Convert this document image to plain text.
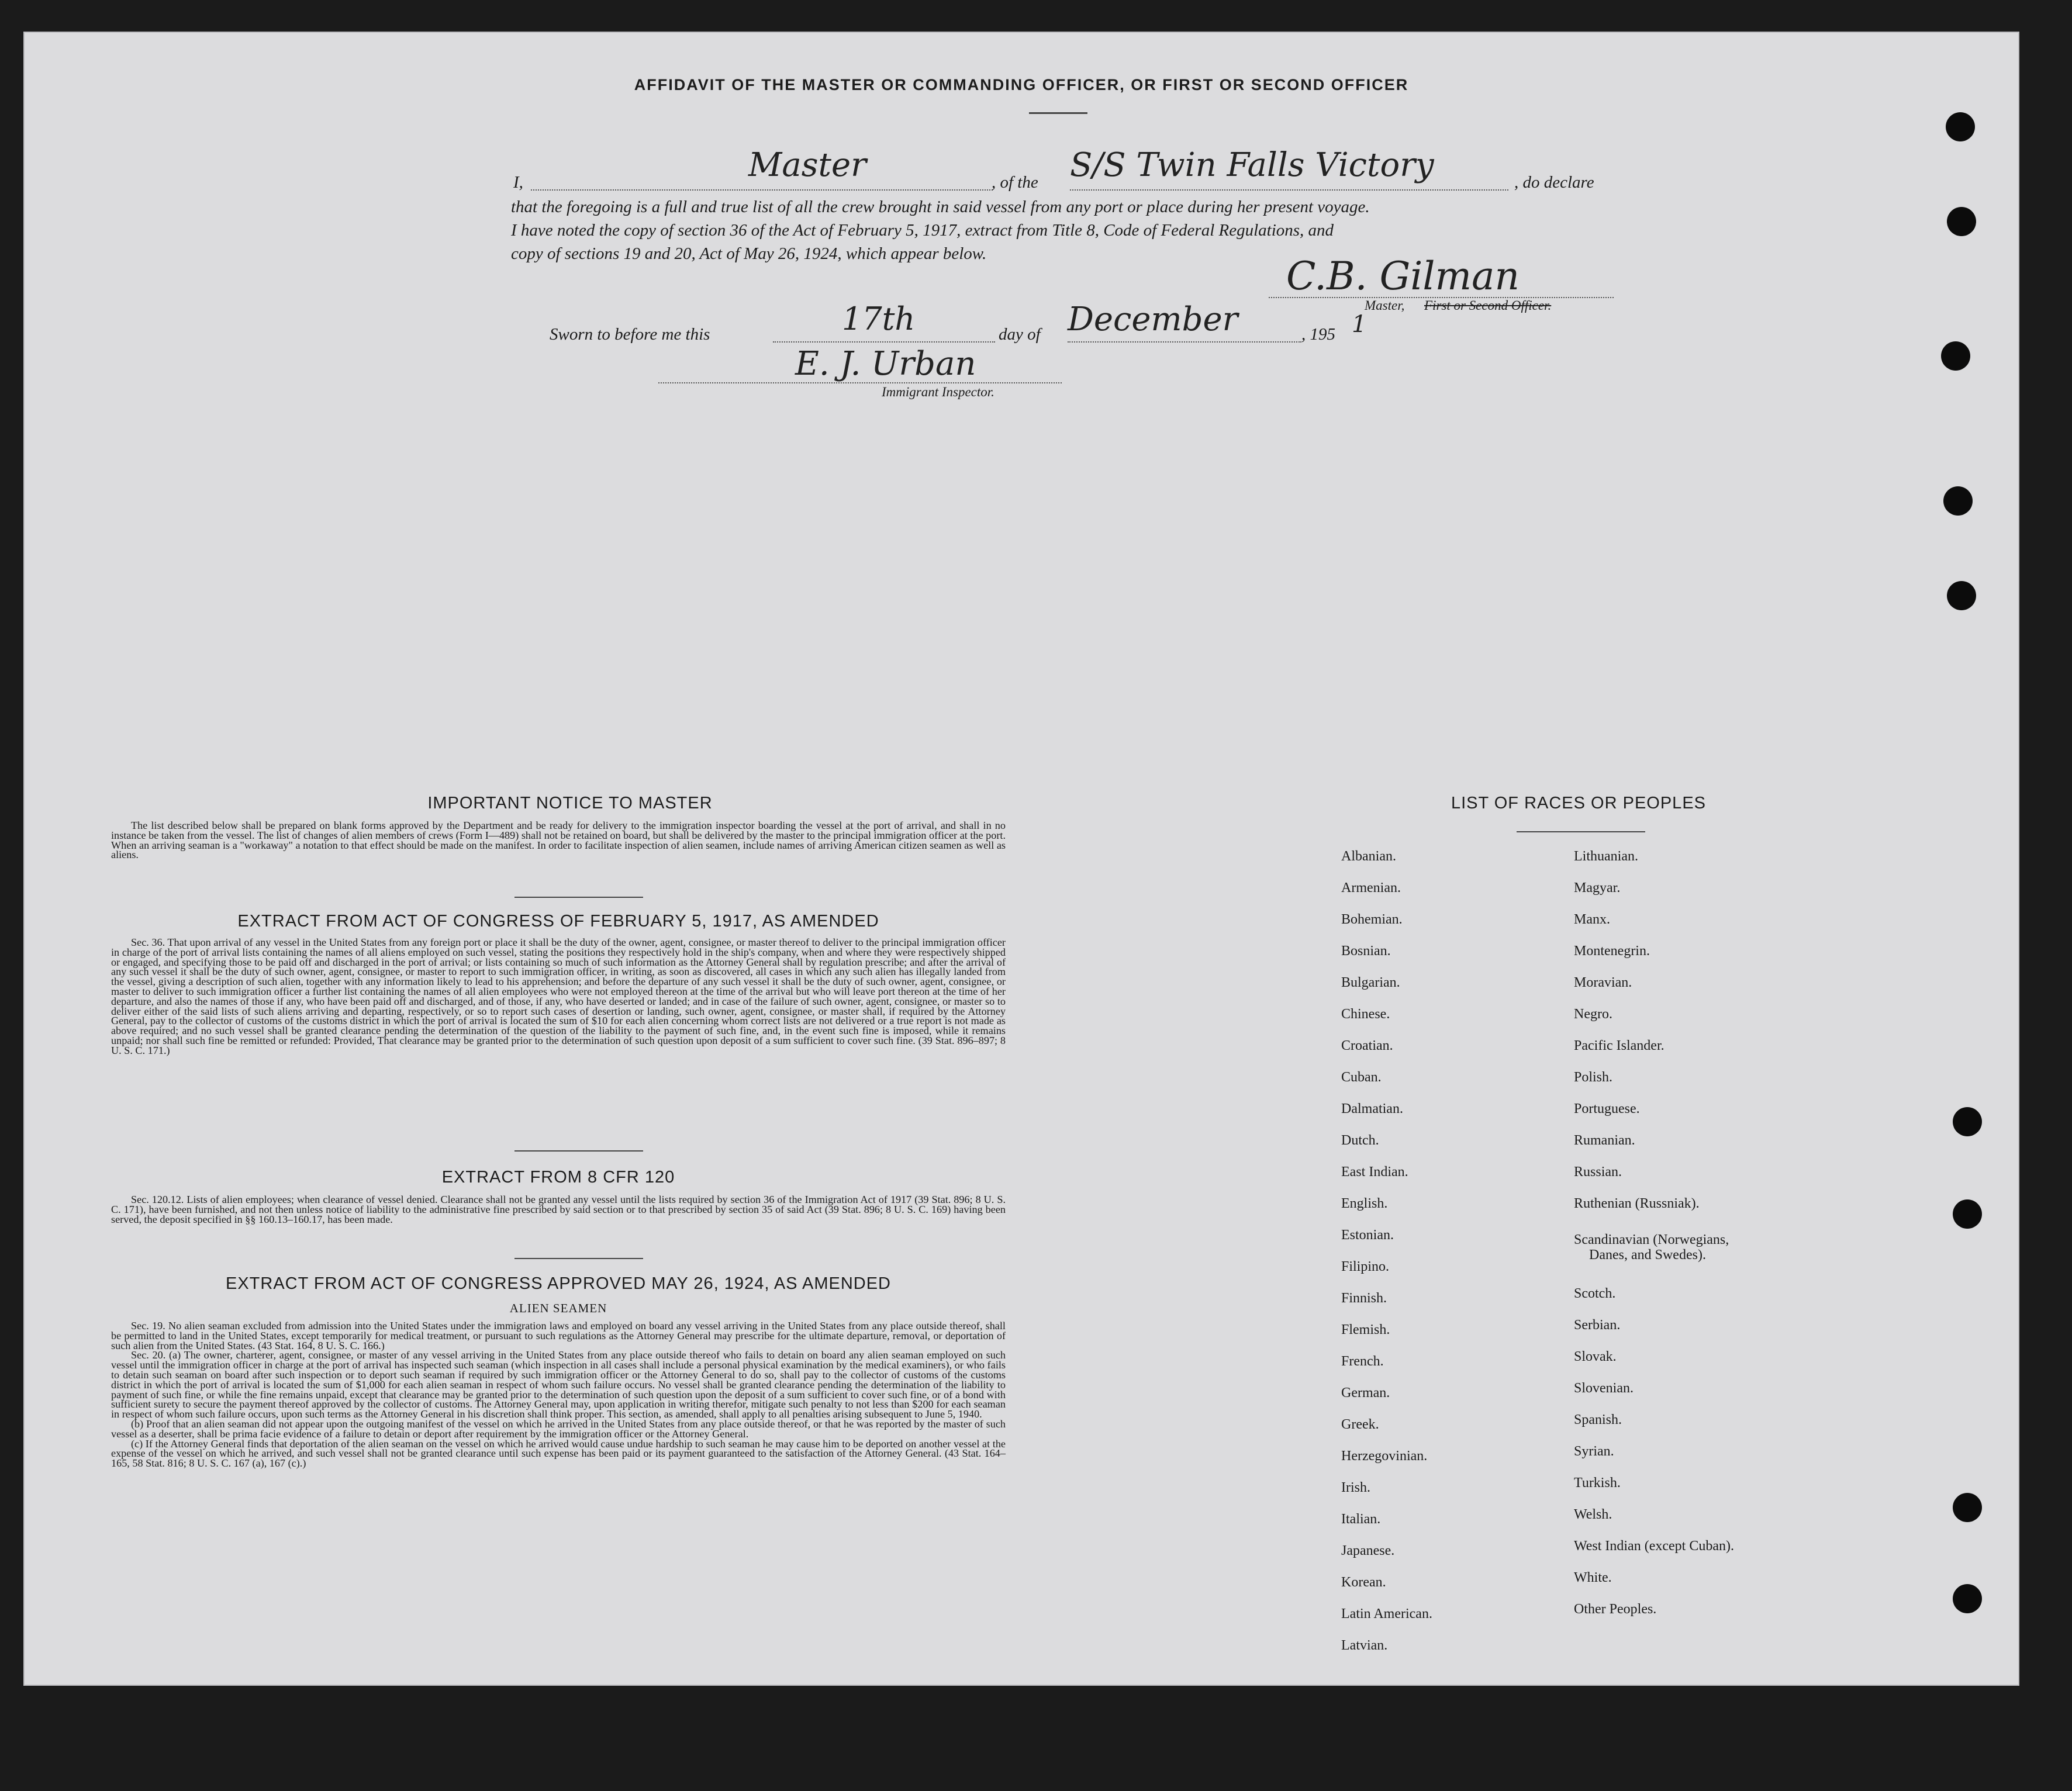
AFFIDAVIT OF THE MASTER OR COMMANDING OFFICER, OR FIRST OR SECOND OFFICER
I,	Master	, of the S/S Twin Falls Victory	, do declare
that the foregoing is a full and true list of all the crew brought in said vessel from any port or place during her present voyage.
I have noted the copy of section 36 of the Act of February 5, 1917, extract from Title 8, Code of Federal Regulations, and
copy of sections 19 and 20, Act of May 26, 1924, which appear below.	C.B. Gilman
Master, First or Second Officer.
Sworn to before me this	17th	day of December	, 195 1
E. J. Urban
Immigrant Inspector.
IMPORTANT NOTICE TO MASTER

The list described below shall be prepared on blank forms approved by the Department and be ready for delivery to the immigration inspector boarding the vessel at the port of arrival, and shall in no instance be taken from the vessel. The list of changes of alien members of crews (Form I—489) shall not be retained on board, but shall be delivered by the master to the principal immigration officer at the port. When an arriving seaman is a "workaway" a notation to that effect should be made on the manifest. In order to facilitate inspection of alien seamen, include names of arriving American citizen seamen as well as aliens.

EXTRACT FROM ACT OF CONGRESS OF FEBRUARY 5, 1917, AS AMENDED

Sec. 36. That upon arrival of any vessel in the United States from any foreign port or place it shall be the duty of the owner, agent, consignee, or master thereof to deliver to the principal immigration officer in charge of the port of arrival lists containing the names of all aliens employed on such vessel, stating the positions they respectively hold in the ship's company, when and where they were respectively shipped or engaged, and specifying those to be paid off and discharged in the port of arrival; or lists containing so much of such information as the Attorney General shall by regulation prescribe; and after the arrival of any such vessel it shall be the duty of such owner, agent, consignee, or master to report to such immigration officer, in writing, as soon as discovered, all cases in which any such alien has illegally landed from the vessel, giving a description of such alien, together with any information likely to lead to his apprehension; and before the departure of any such vessel it shall be the duty of such owner, agent, consignee, or master to deliver to such immigration officer a further list containing the names of all alien employees who were not employed thereon at the time of the arrival but who will leave port thereon at the time of her departure, and also the names of those if any, who have been paid off and discharged, and of those, if any, who have deserted or landed; and in case of the failure of such owner, agent, consignee, or master so to deliver either of the said lists of such aliens arriving and departing, respectively, or so to report such cases of desertion or landing, such owner, agent, consignee, or master shall, if required by the Attorney General, pay to the collector of customs of the customs district in which the port of arrival is located the sum of $10 for each alien concerning whom correct lists are not delivered or a true report is not made as above required; and no such vessel shall be granted clearance pending the determination of the question of the liability to the payment of such fine, and, in the event such fine is imposed, while it remains unpaid; nor shall such fine be remitted or refunded: Provided, That clearance may be granted prior to the determination of such question upon deposit of a sum sufficient to cover such fine. (39 Stat. 896–897; 8 U. S. C. 171.)

EXTRACT FROM 8 CFR 120

Sec. 120.12. Lists of alien employees; when clearance of vessel denied. Clearance shall not be granted any vessel until the lists required by section 36 of the Immigration Act of 1917 (39 Stat. 896; 8 U. S. C. 171), have been furnished, and not then unless notice of liability to the administrative fine prescribed by said section or to that prescribed by section 35 of said Act (39 Stat. 896; 8 U. S. C. 169) having been served, the deposit specified in §§ 160.13–160.17, has been made.

EXTRACT FROM ACT OF CONGRESS APPROVED MAY 26, 1924, AS AMENDED
ALIEN SEAMEN

Sec. 19. No alien seaman excluded from admission into the United States under the immigration laws and employed on board any vessel arriving in the United States from any place outside thereof, shall be permitted to land in the United States, except temporarily for medical treatment, or pursuant to such regulations as the Attorney General may prescribe for the ultimate departure, removal, or deportation of such alien from the United States. (43 Stat. 164, 8 U. S. C. 166.)

Sec. 20. (a) The owner, charterer, agent, consignee, or master of any vessel arriving in the United States from any place outside thereof who fails to detain on board any alien seaman employed on such vessel until the immigration officer in charge at the port of arrival has inspected such seaman (which inspection in all cases shall include a personal physical examination by the medical examiners), or who fails to detain such seaman on board after such inspection or to deport such seaman if required by such immigration officer or the Attorney General to do so, shall pay to the collector of customs of the customs district in which the port of arrival is located the sum of $1,000 for each alien seaman in respect of whom such failure occurs. No vessel shall be granted clearance pending the determination of the liability to payment of such fine, or while the fine remains unpaid, except that clearance may be granted prior to the determination of such question upon the deposit of a sum sufficient to cover such fine, or of a bond with sufficient surety to secure the payment thereof approved by the collector of customs. The Attorney General may, upon application in writing therefor, mitigate such penalty to not less than $200 for each seaman in respect of whom such failure occurs, upon such terms as the Attorney General in his discretion shall think proper. This section, as amended, shall apply to all penalties arising subsequent to June 5, 1940.

(b) Proof that an alien seaman did not appear upon the outgoing manifest of the vessel on which he arrived in the United States from any place outside thereof, or that he was reported by the master of such vessel as a deserter, shall be prima facie evidence of a failure to detain or deport after requirement by the immigration officer or the Attorney General.

(c) If the Attorney General finds that deportation of the alien seaman on the vessel on which he arrived would cause undue hardship to such seaman he may cause him to be deported on another vessel at the expense of the vessel on which he arrived, and such vessel shall not be granted clearance until such expense has been paid or its payment guaranteed to the satisfaction of the Attorney General. (43 Stat. 164–165, 58 Stat. 816; 8 U. S. C. 167 (a), 167 (c).)

LIST OF RACES OR PEOPLES
Albanian.
Armenian.
Bohemian.
Bosnian.
Bulgarian.
Chinese.
Croatian.
Cuban.
Dalmatian.
Dutch.
East Indian.
English.
Estonian.
Filipino.
Finnish.
Flemish.
French.
German.
Greek.
Herzegovinian.
Irish.
Italian.
Japanese.
Korean.
Latin American.
Latvian.
Lithuanian.
Magyar.
Manx.
Montenegrin.
Moravian.
Negro.
Pacific Islander.
Polish.
Portuguese.
Rumanian.
Russian.
Ruthenian (Russniak).
Scandinavian (Norwegians,
Danes, and Swedes).
Scotch.
Serbian.
Slovak.
Slovenian.
Spanish.
Syrian.
Turkish.
Welsh.
West Indian (except Cuban).
White.
Other Peoples.
